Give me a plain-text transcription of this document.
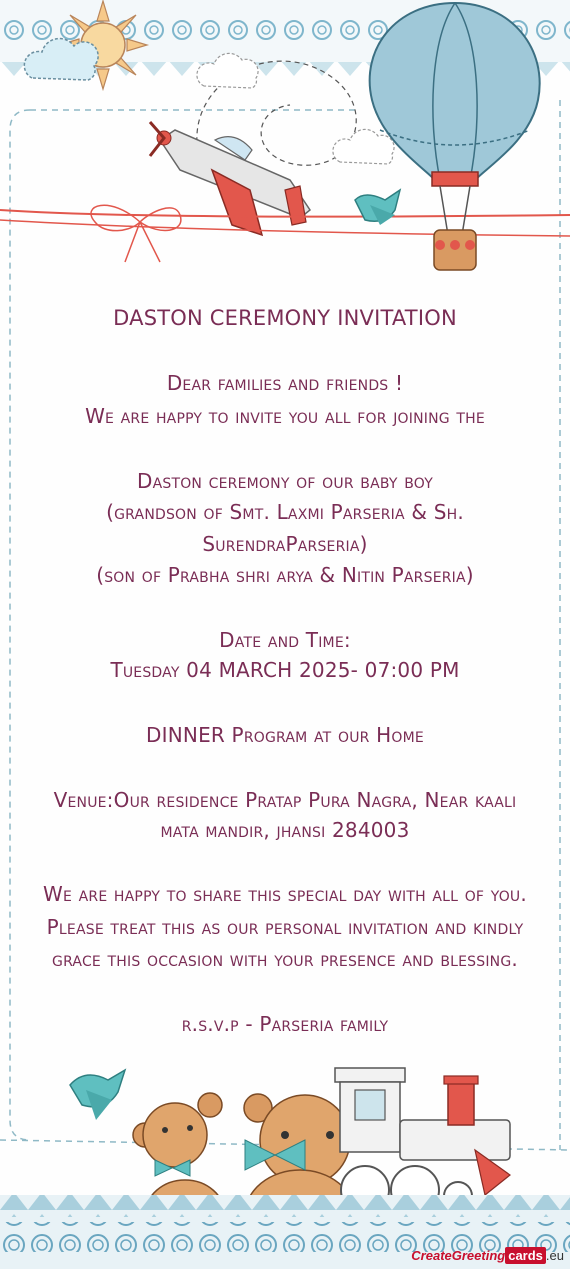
DASTON CEREMONY INVITATION
Dear families and friends !
We are happy to invite you all for joining the
Daston ceremony of our baby boy
(grandson of Smt. Laxmi Parseria & Sh.
SurendraParseria)
(son of Prabha shri arya & Nitin Parseria)
Date and Time:
Tuesday 04 MARCH 2025- 07:00 PM
DINNER Program at our Home
Venue:Our residence Pratap Pura Nagra, Near kaali
mata mandir, jhansi 284003
We are happy to share this special day with all of you.
Please treat this as our personal invitation and kindly
grace this occasion with your presence and blessing.
r.s.v.p - Parseria family
CreateGreeting cards .eu
